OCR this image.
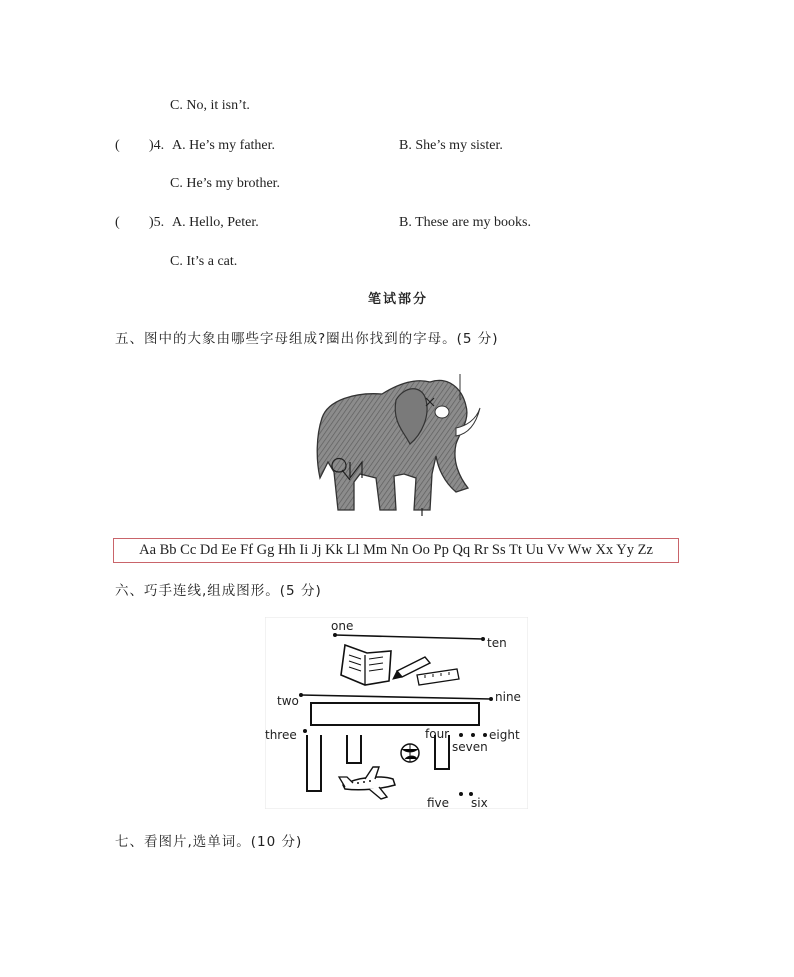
C. No, it isn’t.
( )4. A. He’s my father.	B. She’s my sister.
C. He’s my brother.
( )5. A. Hello, Peter.	B. These are my books.
C. It’s a cat.
笔试部分
五、图中的大象由哪些字母组成?圈出你找到的字母。(5 分)
Aa Bb Cc Dd Ee Ff Gg Hh Ii Jj Kk Ll Mm Nn Oo Pp Qq Rr Ss Tt Uu Vv Ww Xx Yy Zz
六、巧手连线,组成图形。(5 分)
one
ten
two	nine
three	four
seven
eight
five six
七、看图片,选单词。(10 分)
